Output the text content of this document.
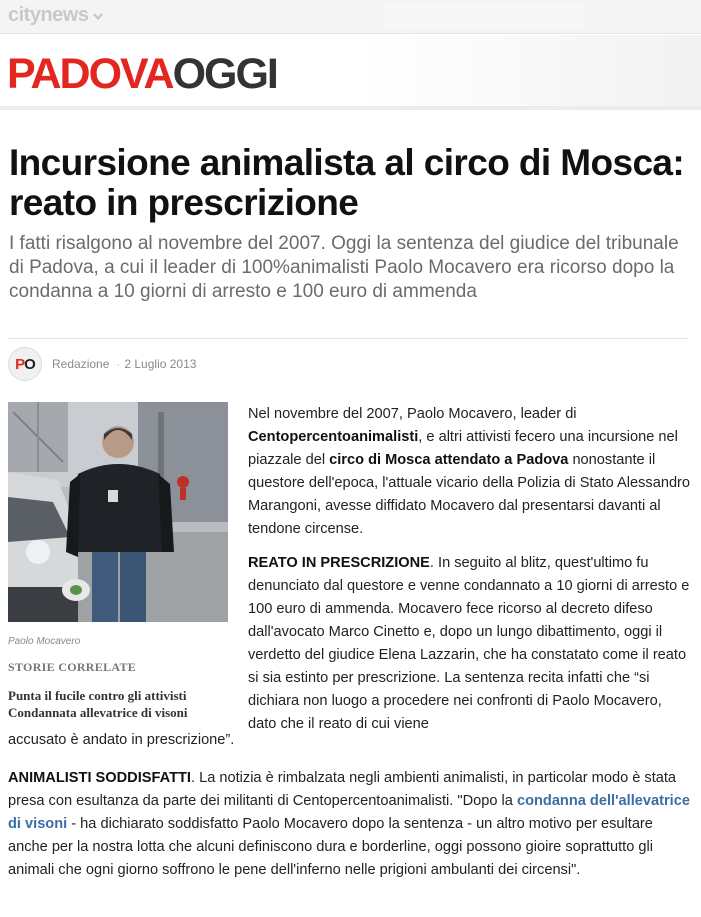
citynews
PADOVAOGGI
Incursione animalista al circo di Mosca: reato in prescrizione

I fatti risalgono al novembre del 2007. Oggi la sentenza del giudice del tribunale di Padova, a cui il leader di 100%animalisti Paolo Mocavero era ricorso dopo la condanna a 10 giorni di arresto e 100 euro di ammenda

P O Redazione · 2 Luglio 2013
Paolo Mocavero
STORIE CORRELATE
Punta il fucile contro gli attivisti
Condannata allevatrice di visoni

Nel novembre del 2007, Paolo Mocavero, leader di Centopercentoanimalisti, e altri attivisti fecero una incursione nel piazzale del circo di Mosca attendato a Padova nonostante il questore dell'epoca, l'attuale vicario della Polizia di Stato Alessandro Marangoni, avesse diffidato Mocavero dal presentarsi davanti al tendone circense.

REATO IN PRESCRIZIONE. In seguito al blitz, quest'ultimo fu denunciato dal questore e venne condannato a 10 giorni di arresto e 100 euro di ammenda. Mocavero fece ricorso al decreto difeso dall'avocato Marco Cinetto e, dopo un lungo dibattimento, oggi il verdetto del giudice Elena Lazzarin, che ha constatato come il reato si sia estinto per prescrizione. La sentenza recita infatti che “si dichiara non luogo a procedere nei confronti di Paolo Mocavero, dato che il reato di cui viene

accusato è andato in prescrizione”.

ANIMALISTI SODDISFATTI. La notizia è rimbalzata negli ambienti animalisti, in particolar modo è stata presa con esultanza da parte dei militanti di Centopercentoanimalisti. "Dopo la condanna dell'allevatrice di visoni - ha dichiarato soddisfatto Paolo Mocavero dopo la sentenza - un altro motivo per esultare anche per la nostra lotta che alcuni definiscono dura e borderline, oggi possono gioire soprattutto gli animali che ogni giorno soffrono le pene dell'inferno nelle prigioni ambulanti dei circensi".
